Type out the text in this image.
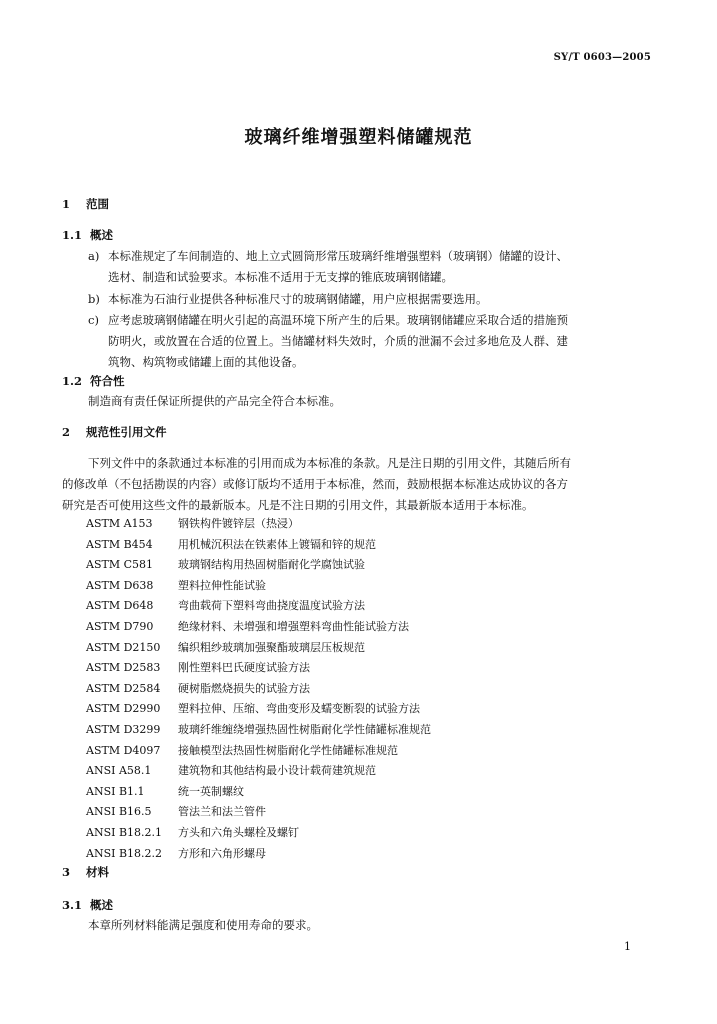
SY/T 0603—2005
玻璃纤维增强塑料储罐规范
1 范围
1.1 概述
a) 本标准规定了车间制造的、地上立式圆筒形常压玻璃纤维增强塑料（玻璃钢）储罐的设计、
选材、制造和试验要求。本标准不适用于无支撑的锥底玻璃钢储罐。
b) 本标准为石油行业提供各种标准尺寸的玻璃钢储罐，用户应根据需要选用。
c) 应考虑玻璃钢储罐在明火引起的高温环境下所产生的后果。玻璃钢储罐应采取合适的措施预
防明火，或放置在合适的位置上。当储罐材料失效时，介质的泄漏不会过多地危及人群、建
筑物、构筑物或储罐上面的其他设备。
1.2 符合性
制造商有责任保证所提供的产品完全符合本标准。
2 规范性引用文件
下列文件中的条款通过本标准的引用而成为本标准的条款。凡是注日期的引用文件，其随后所有
的修改单（不包括勘误的内容）或修订版均不适用于本标准，然而，鼓励根据本标准达成协议的各方
研究是否可使用这些文件的最新版本。凡是不注日期的引用文件，其最新版本适用于本标准。
ASTM A153 钢铁构件镀锌层（热浸）
ASTM B454 用机械沉积法在铁素体上镀镉和锌的规范
ASTM C581 玻璃钢结构用热固树脂耐化学腐蚀试验
ASTM D638 塑料拉伸性能试验
ASTM D648 弯曲载荷下塑料弯曲挠度温度试验方法
ASTM D790 绝缘材料、未增强和增强塑料弯曲性能试验方法
ASTM D2150 编织粗纱玻璃加强聚酯玻璃层压板规范
ASTM D2583 刚性塑料巴氏硬度试验方法
ASTM D2584 硬树脂燃烧损失的试验方法
ASTM D2990 塑料拉伸、压缩、弯曲变形及蠕变断裂的试验方法
ASTM D3299 玻璃纤维缠绕增强热固性树脂耐化学性储罐标准规范
ASTM D4097 接触模型法热固性树脂耐化学性储罐标准规范
ANSI A58.1 建筑物和其他结构最小设计载荷建筑规范
ANSI B1.1	统一英制螺纹
ANSI B16.5 管法兰和法兰管件
ANSI B18.2.1 方头和六角头螺栓及螺钉
ANSI B18.2.2 方形和六角形螺母
3 材料
3.1 概述
本章所列材料能满足强度和使用寿命的要求。
1
